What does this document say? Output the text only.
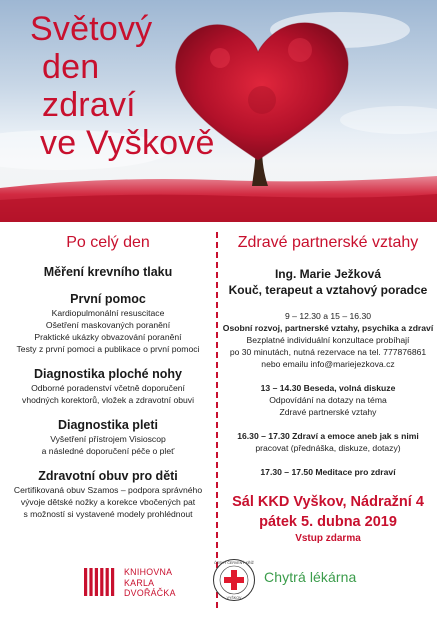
Světový
den
zdraví
ve Vyškově

Po celý den

Měření krevního tlaku

První pomoc

Kardiopulmonální resuscitace

Ošetření maskovaných poranění

Praktické ukázky obvazování poranění

Testy z první pomoci a publikace o první pomoci

Diagnostika ploché nohy

Odborné poradenství včetně doporučení

vhodných korektorů, vložek a zdravotní obuvi

Diagnostika pleti

Vyšetření přístrojem Visioscop

a následné doporučení péče o pleť

Zdravotní obuv pro děti

Certifikovaná obuv Szamos – podpora správného

vývoje dětské nožky a korekce vbočených pat

s možností si vystavené modely prohlédnout

Zdravé partnerské vztahy

Ing. Marie Ježková

Kouč, terapeut a vztahový poradce

9 – 12.30 a 15 – 16.30

Osobní rozvoj, partnerské vztahy, psychika a zdraví

Bezplatné individuální konzultace probíhají

po 30 minutách, nutná rezervace na tel. 777876861

nebo emailu info@mariejezkova.cz

13 – 14.30 Beseda, volná diskuze

Odpovídání na dotazy na téma

Zdravé partnerské vztahy

16.30 – 17.30 Zdraví a emoce aneb jak s nimi

pracovat (přednáška, diskuze, dotazy)

17.30 – 17.50 Meditace pro zdraví

Sál KKD Vyškov, Nádražní 4

pátek 5. dubna 2019

Vstup zdarma

KNIHOVNA
KARLA
DVOŘÁČKA
ČESKÝ ČERVENÝ KŘÍŽ
VYŠKOV
Chytrá lékárna
